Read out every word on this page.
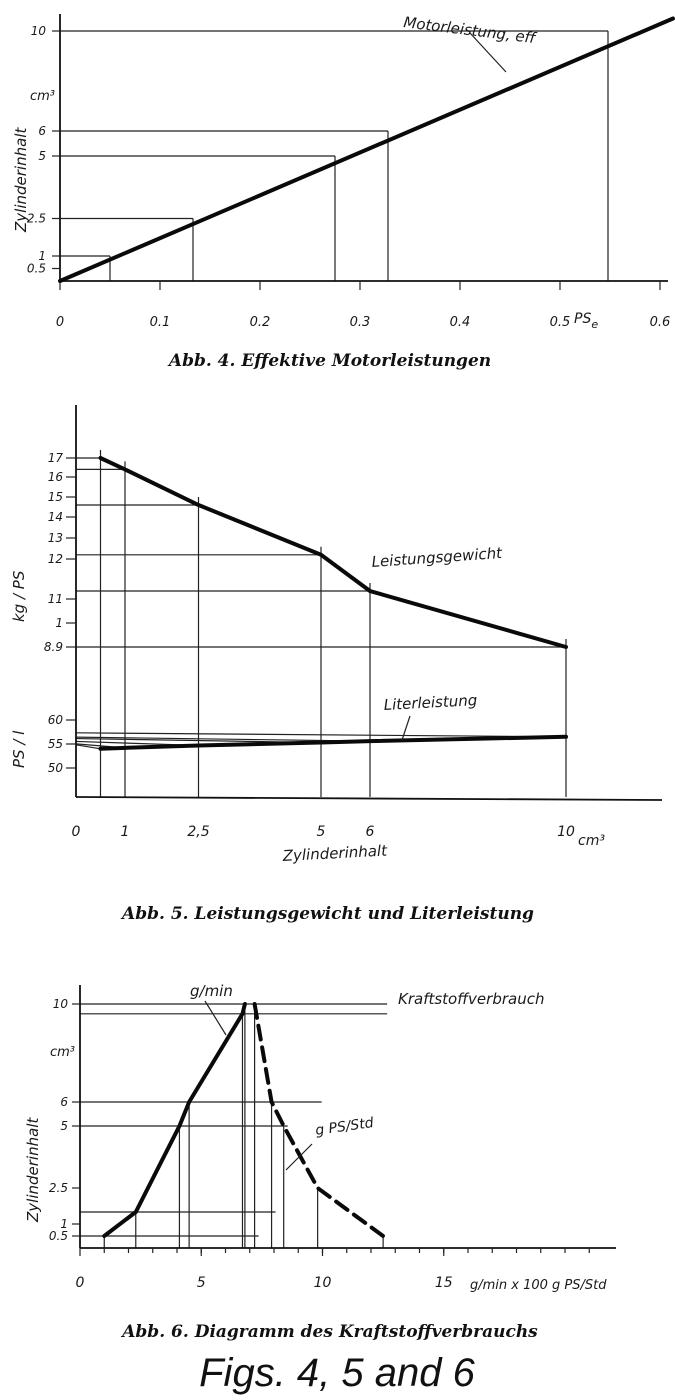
0	0.1	0.2	0.3	0.4	0.5	0.6
0.5
1
2.5
5
6
10	Motorleistung, eff
Zylinderinhalt
cm³
$PS_e$
Abb. 4. Effektive Motorleistungen
17
16
15
14
13
12
11
1
8.9
60
55
50
0	1	2,5	5	6	10
Leistungsgewicht
Literleistung
kg / PS
PS / l
Zylinderinhalt
cm³
Abb. 5. Leistungsgewicht und Literleistung
0	5	10	15
0.5
1
2.5
5
6
10	Kraftstoffverbrauch
g/min
g PS/Std
Zylinderinhalt
cm³
g/min x 100 g PS/Std
Abb. 6. Diagramm des Kraftstoffverbrauchs
Figs. 4, 5 and 6
